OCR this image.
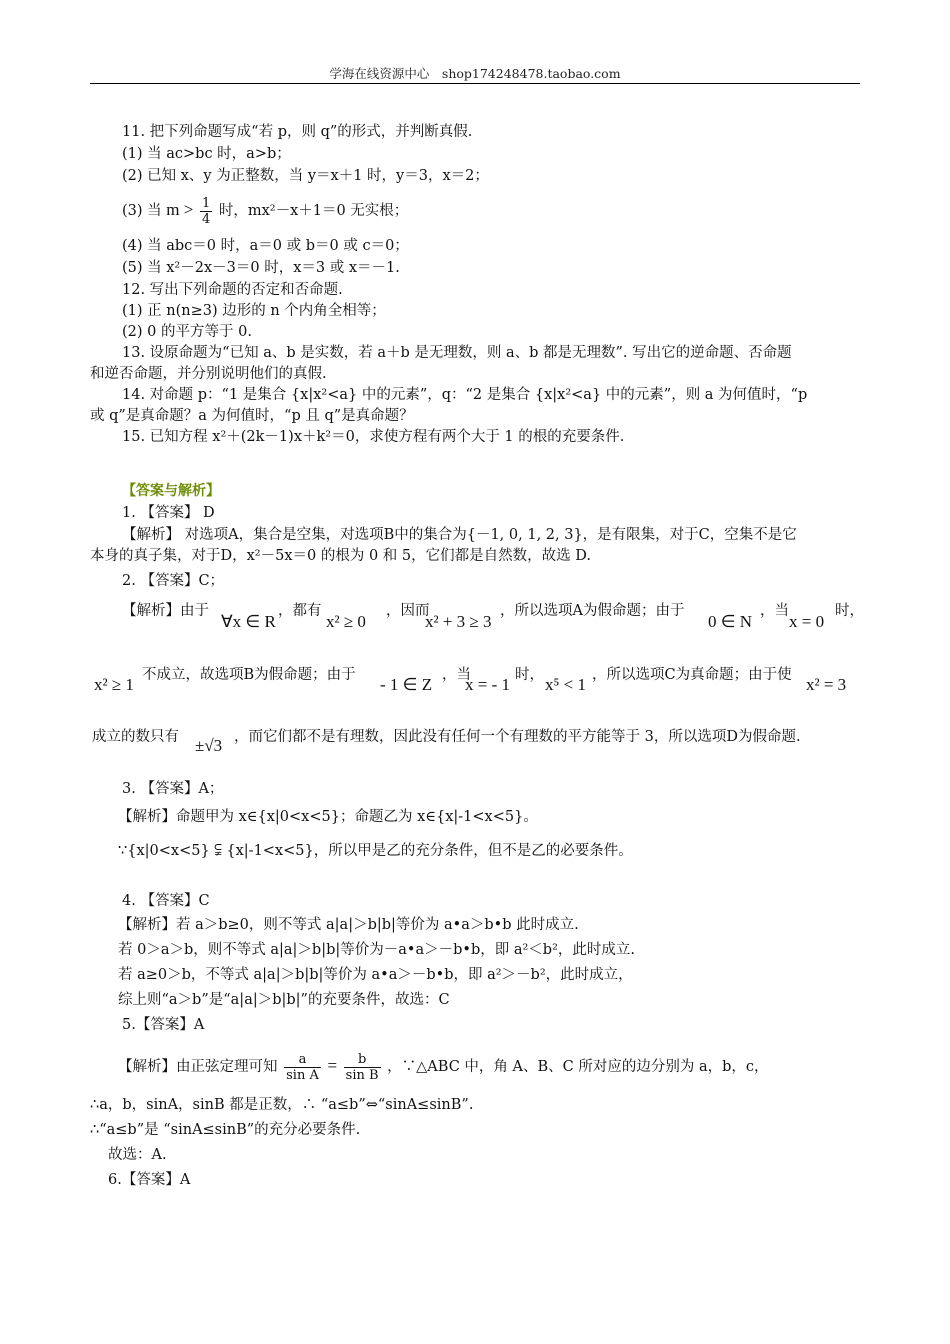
学海在线资源中心　shop174248478.taobao.com
11. 把下列命题写成“若 p，则 q”的形式，并判断真假.
(1) 当 ac>bc 时，a>b；
(2) 已知 x、y 为正整数，当 y＝x＋1 时，y＝3，x＝2；
(3) 当 $m > \frac{1}{4}$ 时，mx²－x＋1＝0 无实根；
(4) 当 abc＝0 时，a＝0 或 b＝0 或 c＝0；
(5) 当 x²－2x－3＝0 时，x＝3 或 x＝－1.
12. 写出下列命题的否定和否命题.
(1) 正 n(n≥3) 边形的 n 个内角全相等；
(2) 0 的平方等于 0.
13. 设原命题为“已知 a、b 是实数，若 a＋b 是无理数，则 a、b 都是无理数”. 写出它的逆命题、否命题
和逆否命题，并分别说明他们的真假.
14. 对命题 p：“1 是集合 {x|x²<a} 中的元素”，q：“2 是集合 {x|x²<a} 中的元素”，则 a 为何值时，“p
或 q”是真命题？a 为何值时，“p 且 q”是真命题？
15. 已知方程 x²＋(2k－1)x＋k²＝0，求使方程有两个大于 1 的根的充要条件.
【答案与解析】
1. 【答案】 D
【解析】 对选项A，集合是空集，对选项B中的集合为{－1, 0, 1, 2, 3}，是有限集，对于C，空集不是它
本身的真子集，对于D，x²－5x＝0 的根为 0 和 5，它们都是自然数，故选 D.
2. 【答案】C；
【解析】由于
∀x ∈ R
，都有
x² ≥ 0
，因而
x² + 3 ≥ 3
，所以选项A为假命题；由于
0 ∈ N
，当
x = 0
时，
x² ≥ 1 不成立，故选项B为假命题；由于 - 1 ∈ Z ，当
x = - 1 时， x⁵ < 1 ，所以选项C为真命题；由于使 x² = 3
成立的数只有 ±√3 ，而它们都不是有理数，因此没有任何一个有理数的平方能等于 3，所以选项D为假命题.
3. 【答案】A；
【解析】命题甲为 x∈{x|0<x<5}；命题乙为 x∈{x|-1<x<5}。
∵{x|0<x<5} ⫋ {x|-1<x<5}，所以甲是乙的充分条件，但不是乙的必要条件。
4. 【答案】C
【解析】若 a＞b≥0，则不等式 a|a|＞b|b|等价为 a•a＞b•b 此时成立.
若 0＞a＞b，则不等式 a|a|＞b|b|等价为－a•a＞－b•b，即 a²＜b²，此时成立.
若 a≥0＞b，不等式 a|a|＞b|b|等价为 a•a＞－b•b，即 a²＞－b²，此时成立，
综上则“a＞b”是“a|a|＞b|b|”的充要条件，故选：C
5.【答案】A
【解析】由正弦定理可知 $\frac{a}{\text{sin A}} = \frac{b}{\text{sin B}}$ ，∵△ABC 中，角 A、B、C 所对应的边分别为 a，b，c，
∴a，b，sinA，sinB 都是正数，∴ “a≤b”⇔“sinA≤sinB”.
∴“a≤b”是 “sinA≤sinB”的充分必要条件.
故选：A.
6.【答案】A
